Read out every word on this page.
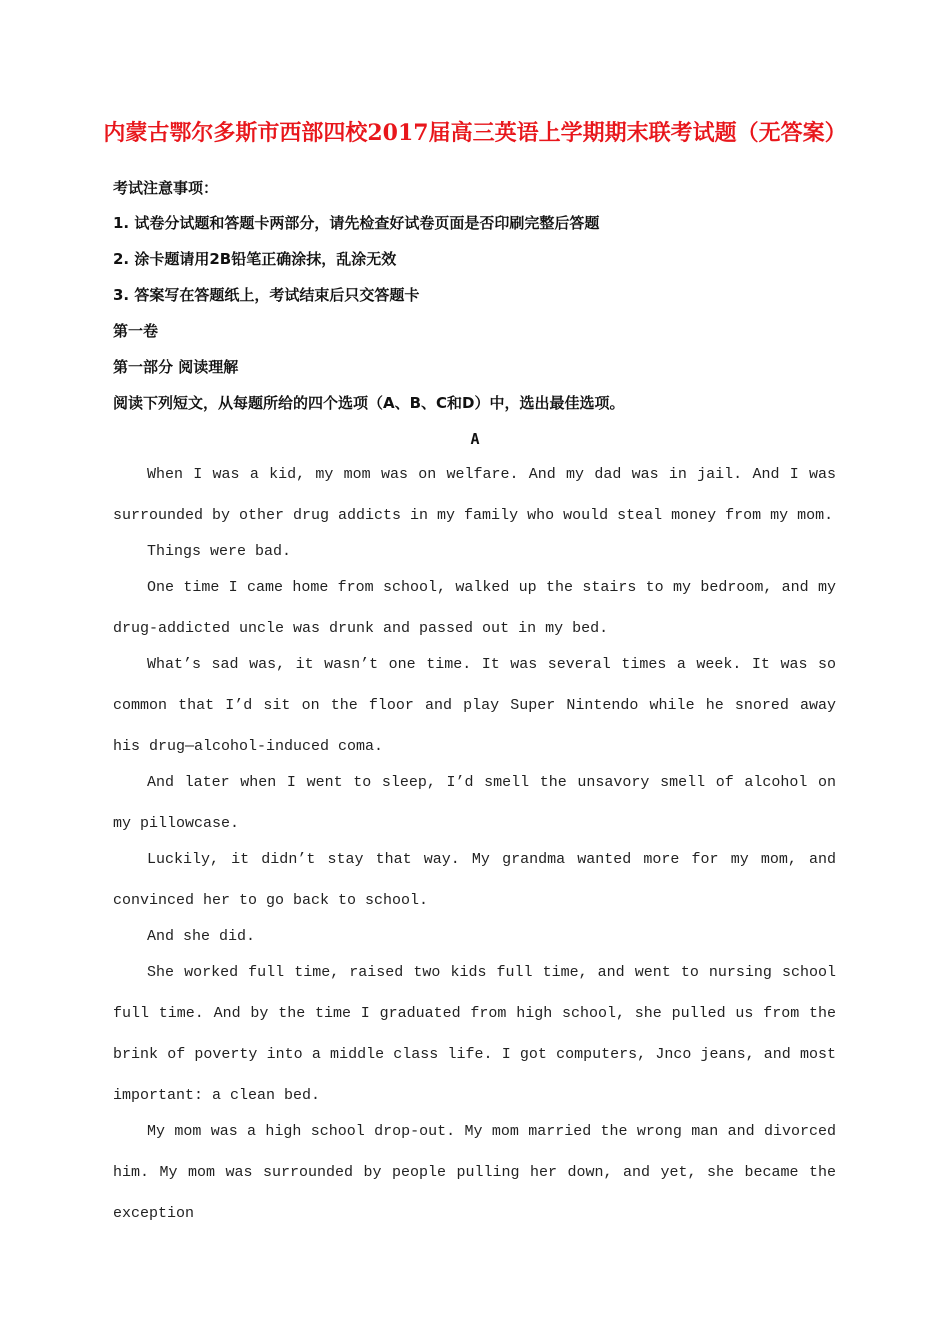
内蒙古鄂尔多斯市西部四校2017届高三英语上学期期末联考试题（无答案）
考试注意事项：
1. 试卷分试题和答题卡两部分，请先检查好试卷页面是否印刷完整后答题
2. 涂卡题请用2B铅笔正确涂抹，乱涂无效
3. 答案写在答题纸上，考试结束后只交答题卡
第一卷
第一部分 阅读理解
阅读下列短文，从每题所给的四个选项（A、B、C和D）中，选出最佳选项。
A

When I was a kid, my mom was on welfare. And my dad was in jail. And I was surrounded by other drug addicts in my family who would steal money from my mom.

Things were bad.

One time I came home from school, walked up the stairs to my bedroom, and my drug-addicted uncle was drunk and passed out in my bed.

What’s sad was, it wasn’t one time. It was several times a week. It was so common that I’d sit on the floor and play Super Nintendo while he snored away his drug—alcohol-induced coma.

And later when I went to sleep, I’d smell the unsavory smell of alcohol on my pillowcase.

Luckily, it didn’t stay that way. My grandma wanted more for my mom, and convinced her to go back to school.

And she did.

She worked full time, raised two kids full time, and went to nursing school full time. And by the time I graduated from high school, she pulled us from the brink of poverty into a middle class life. I got computers, Jnco jeans, and most important: a clean bed.

My mom was a high school drop-out. My mom married the wrong man and divorced him. My mom was surrounded by people pulling her down, and yet, she became the exception
